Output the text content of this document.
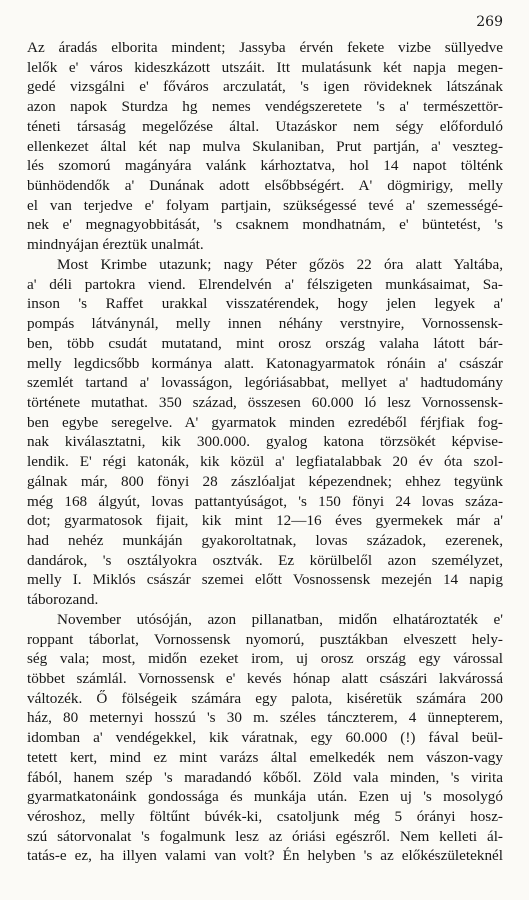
269
Az áradás elborita mindent; Jassyba érvén fekete vizbe süllyedve
lelők e' város kideszkázott utszáit. Itt mulatásunk két napja megen-
gedé vizsgálni e' főváros arczulatát, 's igen rövideknek látszának
azon napok Sturdza hg nemes vendégszeretete 's a' természettör-
téneti társaság megelőzése által. Utazáskor nem ségy előforduló
ellenkezet által két nap mulva Skulaniban, Prut partján, a' veszteg-
lés szomorú magányára valánk kárhoztatva, hol 14 napot tölténk
bünhödendők a' Dunának adott elsőbbségért. A' dögmirigy, melly
el van terjedve e' folyam partjain, szükségessé tevé a' szemességé-
nek e' megnagyobbitását, 's csaknem mondhatnám, e' büntetést, 's
mindnyájan éreztük unalmát.
Most Krimbe utazunk; nagy Péter gőzös 22 óra alatt Yaltába,
a' déli partokra viend. Elrendelvén a' félszigeten munkásaimat, Sa-
inson 's Raffet urakkal visszatérendek, hogy jelen legyek a'
pompás látványnál, melly innen néhány verstnyire, Vornossensk-
ben, több csudát mutatand, mint orosz ország valaha látott bár-
melly legdicsőbb kormánya alatt. Katonagyarmatok rónáin a' császár
szemlét tartand a' lovasságon, legóriásabbat, mellyet a' hadtudomány
története mutathat. 350 század, összesen 60.000 ló lesz Vornossensk-
ben egybe seregelve. A' gyarmatok minden ezredéből férjfiak fog-
nak kiválasztatni, kik 300.000. gyalog katona törzsökét képvise-
lendik. E' régi katonák, kik közül a' legfiatalabbak 20 év óta szol-
gálnak már, 800 fönyi 28 zászlóaljat képezendnek; ehhez tegyünk
még 168 álgyút, lovas pattantyúságot, 's 150 fönyi 24 lovas száza-
dot; gyarmatosok fijait, kik mint 12—16 éves gyermekek már a'
had nehéz munkáján gyakoroltatnak, lovas századok, ezerenek,
dandárok, 's osztályokra osztvák. Ez körülbelől azon személyzet,
melly I. Miklós császár szemei előtt Vosnossensk mezején 14 napig
táborozand.
November utósóján, azon pillanatban, midőn elhatároztaték e'
roppant táborlat, Vornossensk nyomorú, pusztákban elveszett hely-
ség vala; most, midőn ezeket irom, uj orosz ország egy várossal
többet számlál. Vornossensk e' kevés hónap alatt császári lakvárossá
változék. Ő fölségeik számára egy palota, kiséretük számára 200
ház, 80 meternyi hosszú 's 30 m. széles tánczterem, 4 ünnepterem,
idomban a' vendégekkel, kik váratnak, egy 60.000 (!) fával beül-
tetett kert, mind ez mint varázs által emelkedék nem vászon-vagy
fából, hanem szép 's maradandó kőből. Zöld vala minden, 's virita
gyarmatkatonáink gondossága és munkája után. Ezen uj 's mosolygó
véroshoz, melly föltűnt búvék-ki, csatoljunk még 5 órányi hosz-
szú sátorvonalat 's fogalmunk lesz az óriási egészről. Nem kelleti ál-
tatás-e ez, ha illyen valami van volt? Én helyben 's az előkészületeknél
